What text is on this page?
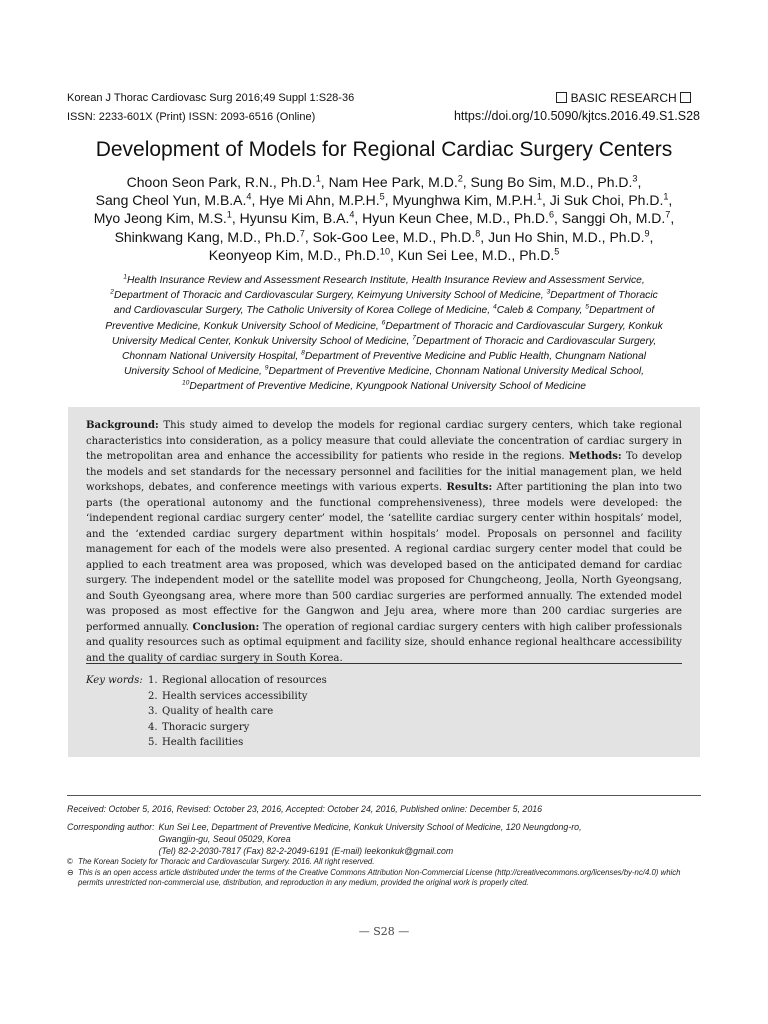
Korean J Thorac Cardiovasc Surg 2016;49 Suppl 1:S28-36
ISSN: 2233-601X (Print) ISSN: 2093-6516 (Online)
BASIC RESEARCH
https://doi.org/10.5090/kjtcs.2016.49.S1.S28
Development of Models for Regional Cardiac Surgery Centers

Choon Seon Park, R.N., Ph.D.$^1$, Nam Hee Park, M.D.$^2$, Sung Bo Sim, M.D., Ph.D.$^3$,

Sang Cheol Yun, M.B.A.$^4$, Hye Mi Ahn, M.P.H.$^5$, Myunghwa Kim, M.P.H.$^1$, Ji Suk Choi, Ph.D.$^1$,

Myo Jeong Kim, M.S.$^1$, Hyunsu Kim, B.A.$^4$, Hyun Keun Chee, M.D., Ph.D.$^6$, Sanggi Oh, M.D.$^7$,

Shinkwang Kang, M.D., Ph.D.$^7$, Sok-Goo Lee, M.D., Ph.D.$^8$, Jun Ho Shin, M.D., Ph.D.$^9$,

Keonyeop Kim, M.D., Ph.D.$^{10}$, Kun Sei Lee, M.D., Ph.D.$^5$

$^1$Health Insurance Review and Assessment Research Institute, Health Insurance Review and Assessment Service,

$^2$Department of Thoracic and Cardiovascular Surgery, Keimyung University School of Medicine, $^3$Department of Thoracic

and Cardiovascular Surgery, The Catholic University of Korea College of Medicine, $^4$Caleb & Company, $^5$Department of

Preventive Medicine, Konkuk University School of Medicine, $^6$Department of Thoracic and Cardiovascular Surgery, Konkuk

University Medical Center, Konkuk University School of Medicine, $^7$Department of Thoracic and Cardiovascular Surgery,

Chonnam National University Hospital, $^8$Department of Preventive Medicine and Public Health, Chungnam National

University School of Medicine, $^9$Department of Preventive Medicine, Chonnam National University Medical School,

$^{10}$Department of Preventive Medicine, Kyungpook National University School of Medicine

Background: This study aimed to develop the models for regional cardiac surgery centers, which take regional characteristics into consideration, as a policy measure that could alleviate the concentration of cardiac surgery in the metropolitan area and enhance the accessibility for patients who reside in the regions. Methods: To develop the models and set standards for the necessary personnel and facilities for the initial management plan, we held workshops, debates, and conference meetings with various experts. Results: After partitioning the plan into two parts (the operational autonomy and the functional comprehensiveness), three models were developed: the ‘independent regional cardiac surgery center’ model, the ‘satellite cardiac surgery center within hospitals’ model, and the ‘extended cardiac surgery department within hospitals’ model. Proposals on personnel and facility management for each of the models were also presented. A regional cardiac surgery center model that could be applied to each treatment area was proposed, which was developed based on the anticipated demand for cardiac surgery. The independent model or the satellite model was proposed for Chungcheong, Jeolla, North Gyeongsang, and South Gyeongsang area, where more than 500 cardiac surgeries are performed annually. The extended model was proposed as most effective for the Gangwon and Jeju area, where more than 200 cardiac surgeries are performed annually. Conclusion: The operation of regional cardiac surgery centers with high caliber professionals and quality resources such as optimal equipment and facility size, should enhance regional healthcare accessibility and the quality of cardiac surgery in South Korea.
Key words: 1. Regional allocation of resources
2. Health services accessibility
3. Quality of health care
4. Thoracic surgery
5. Health facilities
Received: October 5, 2016, Revised: October 23, 2016, Accepted: October 24, 2016, Published online: December 5, 2016
Corresponding author: Kun Sei Lee, Department of Preventive Medicine, Konkuk University School of Medicine, 120 Neungdong-ro,
Gwangjin-gu, Seoul 05029, Korea
(Tel) 82-2-2030-7817 (Fax) 82-2-2049-6191 (E-mail) leekonkuk@gmail.com
© The Korean Society for Thoracic and Cardiovascular Surgery. 2016. All right reserved.
⊖ This is an open access article distributed under the terms of the Creative Commons Attribution Non-Commercial License (http://creativecommons.org/licenses/by-nc/4.0) which permits unrestricted non-commercial use, distribution, and reproduction in any medium, provided the original work is properly cited.
— S28 —
